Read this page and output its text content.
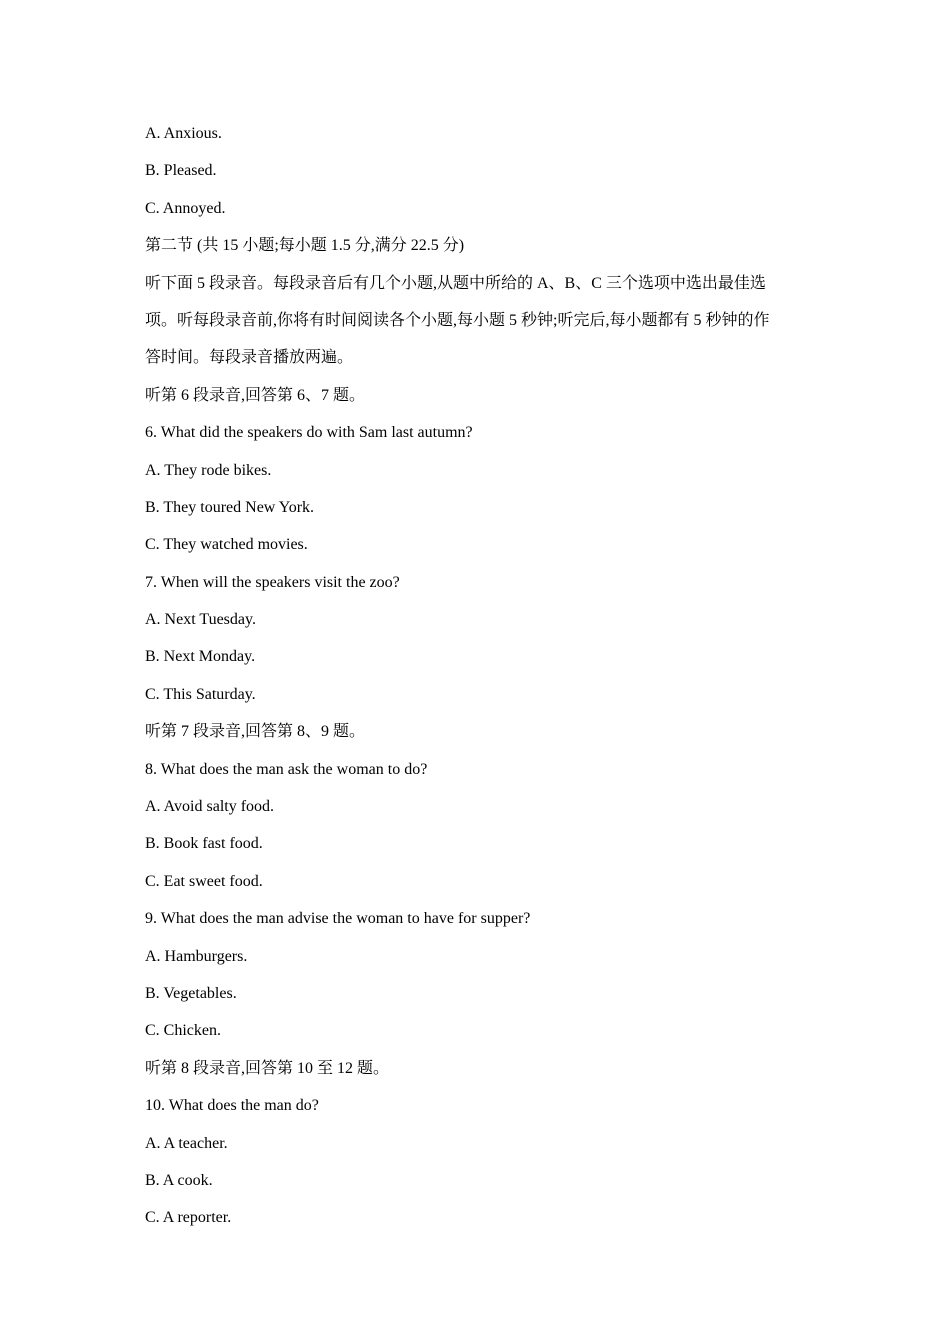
A. Anxious.
B. Pleased.
C. Annoyed.
第二节 (共 15 小题;每小题 1.5 分,满分 22.5 分)
听下面 5 段录音。每段录音后有几个小题,从题中所给的 A、B、C 三个选项中选出最佳选
项。听每段录音前,你将有时间阅读各个小题,每小题 5 秒钟;听完后,每小题都有 5 秒钟的作
答时间。每段录音播放两遍。
听第 6 段录音,回答第 6、7 题。
6. What did the speakers do with Sam last autumn?
A. They rode bikes.
B. They toured New York.
C. They watched movies.
7. When will the speakers visit the zoo?
A. Next Tuesday.
B. Next Monday.
C. This Saturday.
听第 7 段录音,回答第 8、9 题。
8. What does the man ask the woman to do?
A. Avoid salty food.
B. Book fast food.
C. Eat sweet food.
9. What does the man advise the woman to have for supper?
A. Hamburgers.
B. Vegetables.
C. Chicken.
听第 8 段录音,回答第 10 至 12 题。
10. What does the man do?
A. A teacher.
B. A cook.
C. A reporter.
